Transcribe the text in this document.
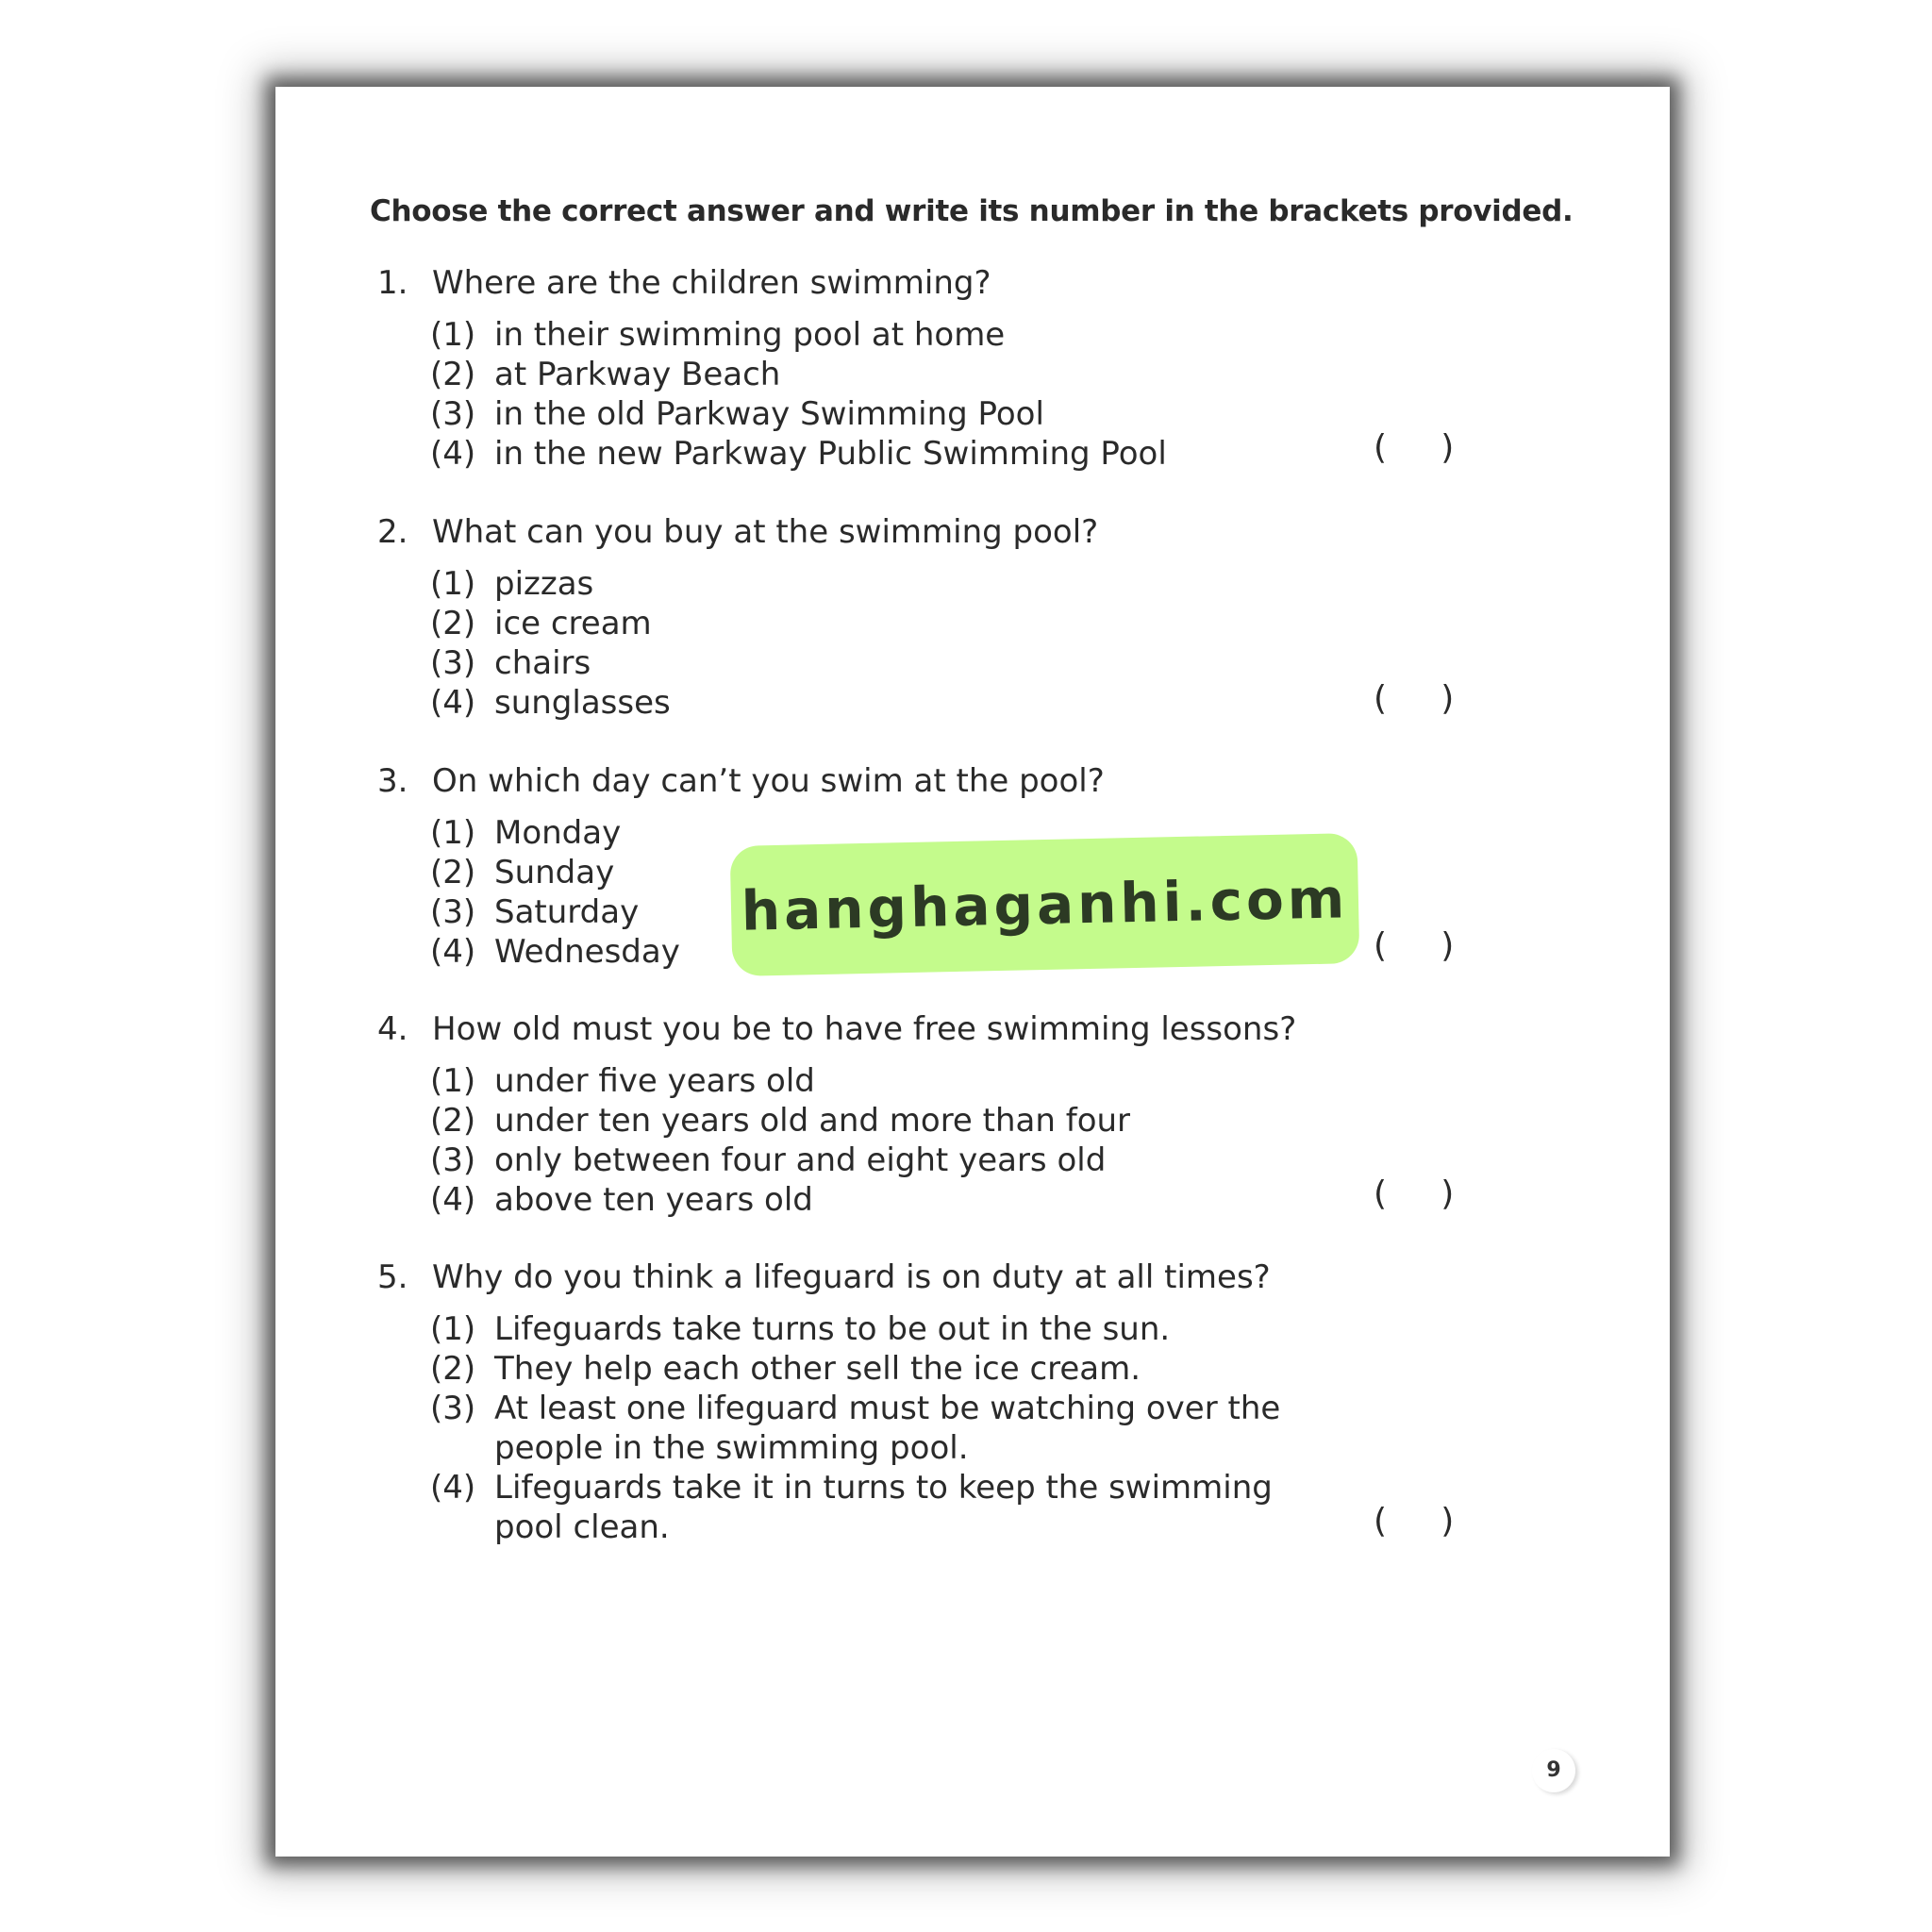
Choose the correct answer and write its number in the brackets provided.
1. Where are the children swimming?
(1) in their swimming pool at home
(2) at Parkway Beach
(3) in the old Parkway Swimming Pool
(4) in the new Parkway Public Swimming Pool	(     )
2. What can you buy at the swimming pool?
(1) pizzas
(2) ice cream
(3) chairs
(4) sunglasses	(     )
3. On which day can’t you swim at the pool?
(1) Monday
(2) Sunday
(3) Saturday
(4) Wednesday	(     )
4. How old must you be to have free swimming lessons?
(1) under five years old
(2) under ten years old and more than four
(3) only between four and eight years old
(4) above ten years old	(     )
5. Why do you think a lifeguard is on duty at all times?
(1) Lifeguards take turns to be out in the sun.
(2) They help each other sell the ice cream.
(3) At least one lifeguard must be watching over the
people in the swimming pool.
(4) Lifeguards take it in turns to keep the swimming
pool clean.	(     )
9
hanghaganhi.com
